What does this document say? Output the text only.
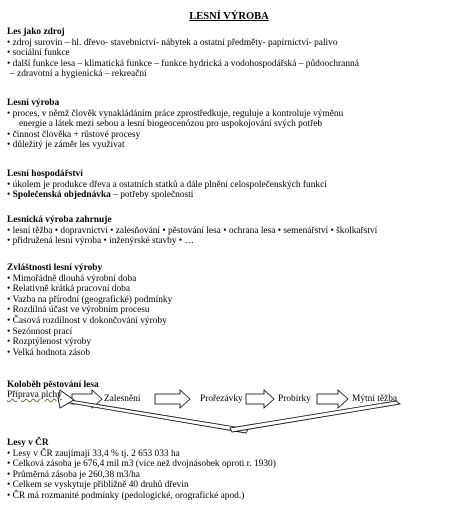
LESNÍ VÝROBA
Les jako zdroj
• zdroj surovin – hl. dřevo- stavebnictví- nábytek a ostatní předměty- papírnictví- palivo
• sociální funkce
• další funkce lesa – klimatická funkce – funkce hydrická a vodohospodářská – půdoochranná
– zdravotní a hygienická – rekreační
Lesní výroba
• proces, v němž člověk vynakládáním práce zprostředkuje, reguluje a kontroluje výměnu
energie a látek mezi sebou a lesní biogeocenózou pro uspokojování svých potřeb
• činnost člověka + růstové procesy
• důležitý je záměr les využívat
Lesní hospodářství
• úkolem je produkce dřeva a ostatních statků a dále plnění celospolečenských funkcí
• Společenská objednávka – potřeby společnosti
Lesnická výroba zahrnuje
• lesní těžba • dopravnictví • zalesňování • pěstování lesa • ochrana lesa • semenářství • školkařství
• přidružená lesní výroba • inženýrské stavby • …
Zvláštnosti lesní výroby
• Mimořádně dlouhá výrobní doba
• Relativně krátká pracovní doba
• Vazba na přírodní (geografické) podmínky
• Rozdílná účast ve výrobním procesu
• Časová rozdílnost v dokončování výroby
• Sezónnost prací
• Rozptýlenost výroby
• Velká hodnota zásob
Koloběh pěstování lesa
Příprava plchy	Zalesnění	Prořezávky	Probírky	Mýtní těžba
Lesy v ČR
• Lesy v ČR zaujímají 33,4 % tj. 2 653 033 ha
• Celková zásoba je 676,4 mil m3 (více než dvojnásobek oproti r. 1930)
• Průměrná zásoba je 260,38 m3/ha
• Celkem se vyskytuje přibližně 40 druhů dřevin
• ČR má rozmanité podmínky (pedologické, orografické apod.)
